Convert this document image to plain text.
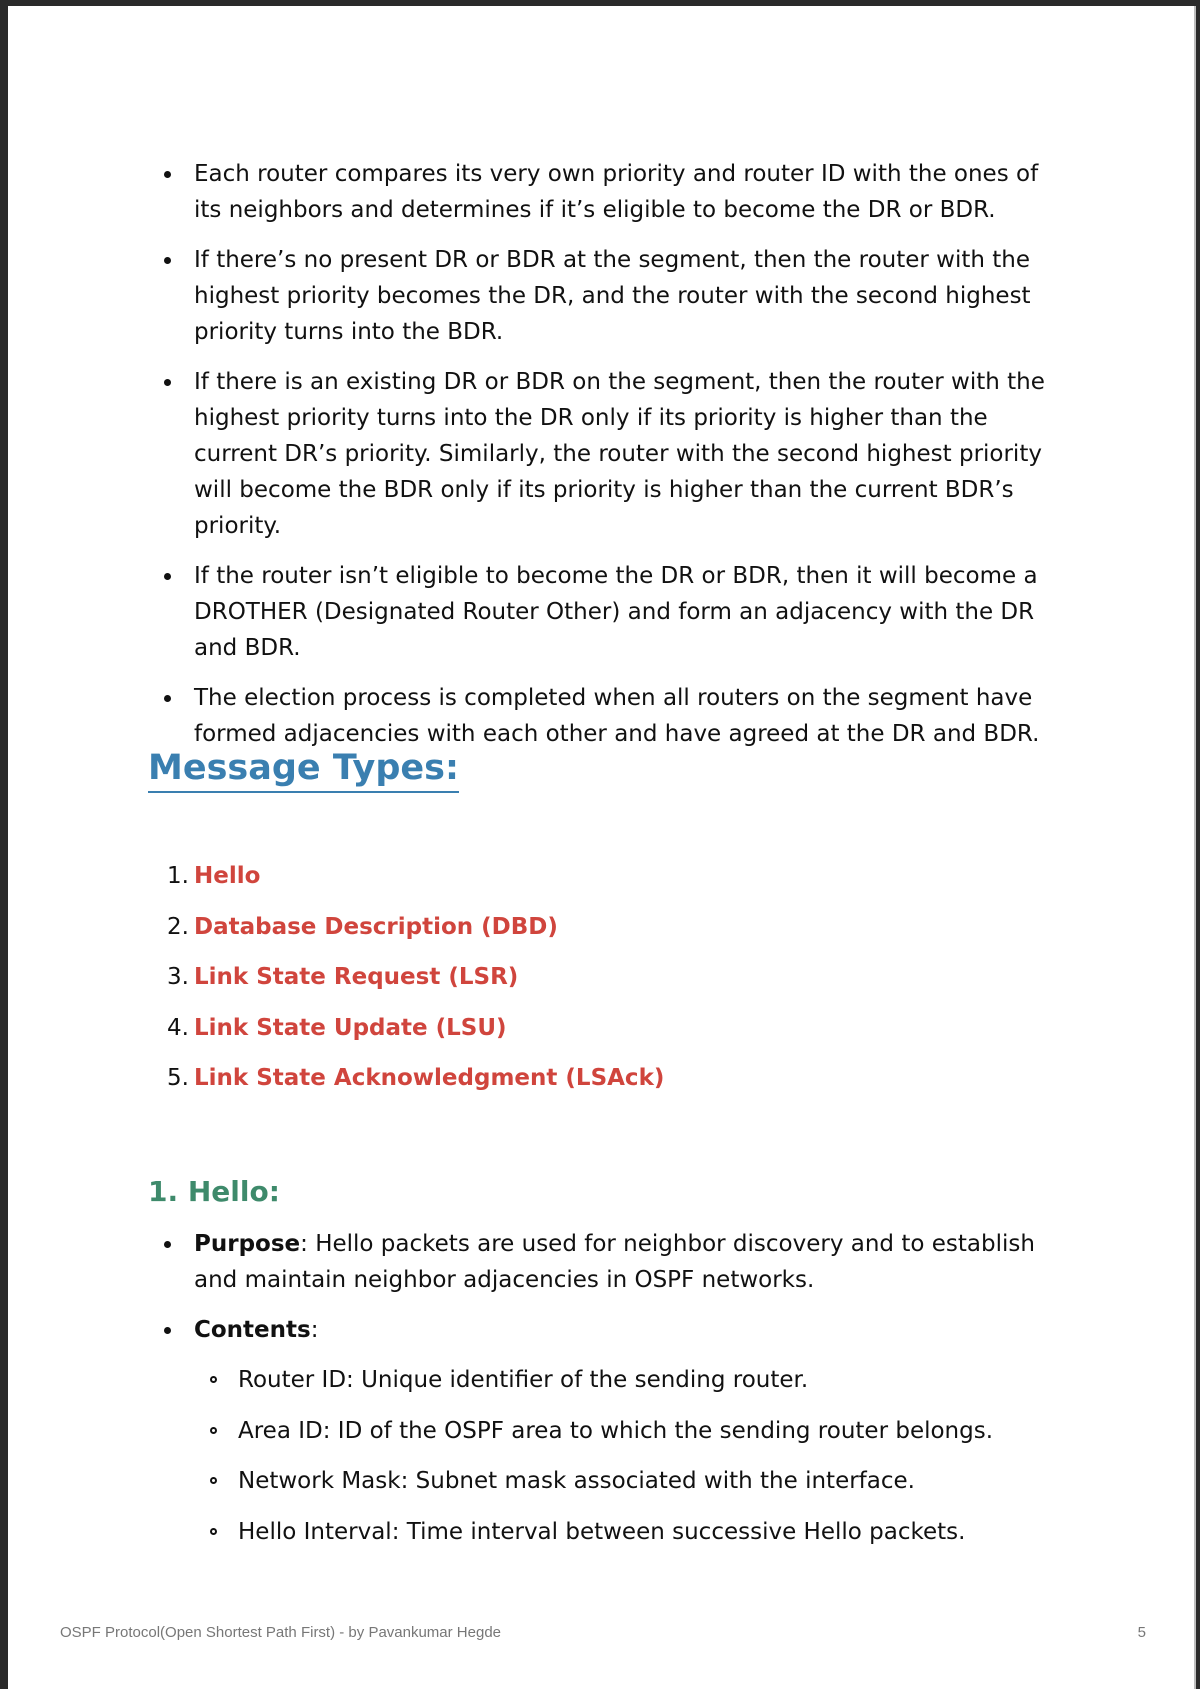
Each router compares its very own priority and router ID with the ones of its neighbors and determines if it’s eligible to become the DR or BDR.
If there’s no present DR or BDR at the segment, then the router with the highest priority becomes the DR, and the router with the second highest priority turns into the BDR.
If there is an existing DR or BDR on the segment, then the router with the highest priority turns into the DR only if its priority is higher than the current DR’s priority. Similarly, the router with the second highest priority will become the BDR only if its priority is higher than the current BDR’s priority.
If the router isn’t eligible to become the DR or BDR, then it will become a DROTHER (Designated Router Other) and form an adjacency with the DR and BDR.
The election process is completed when all routers on the segment have formed adjacencies with each other and have agreed at the DR and BDR.
Message Types:
1. Hello
2. Database Description (DBD)
3. Link State Request (LSR)
4. Link State Update (LSU)
5. Link State Acknowledgment (LSAck)
1. Hello:
Purpose: Hello packets are used for neighbor discovery and to establish and maintain neighbor adjacencies in OSPF networks.
Contents:
Router ID: Unique identifier of the sending router.
Area ID: ID of the OSPF area to which the sending router belongs.
Network Mask: Subnet mask associated with the interface.
Hello Interval: Time interval between successive Hello packets.
OSPF Protocol(Open Shortest Path First) - by Pavankumar Hegde	5
